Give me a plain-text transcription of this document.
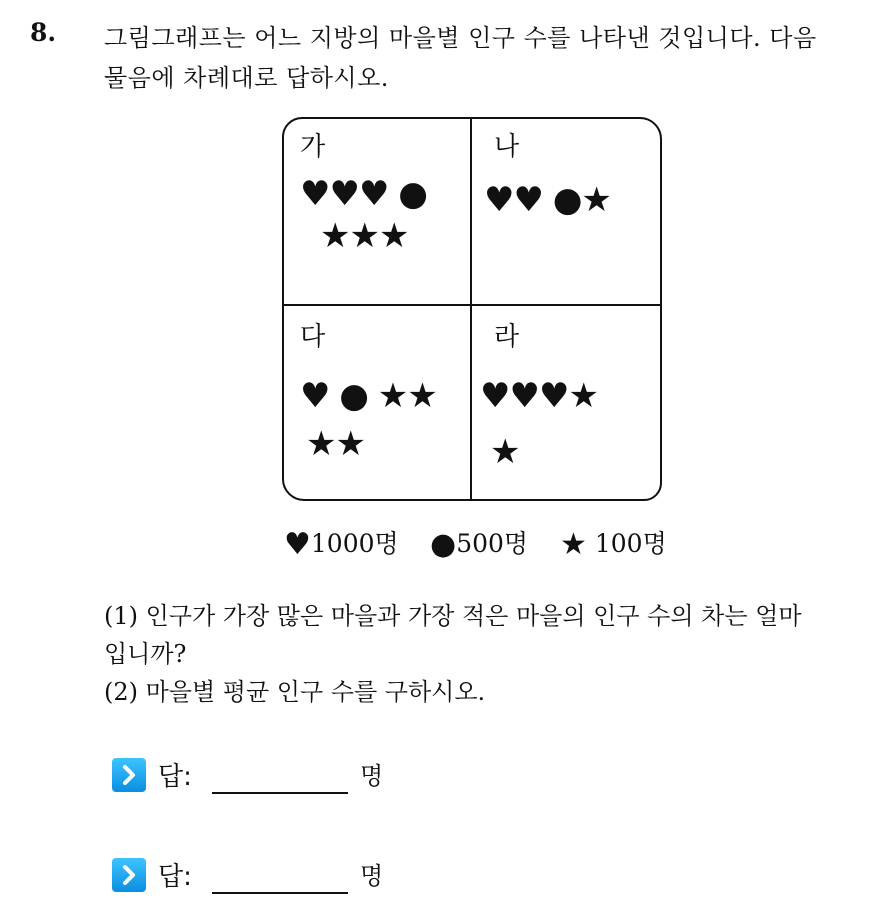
8. 그림그래프는 어느 지방의 마을별 인구 수를 나타낸 것입니다. 다음
물음에 차례대로 답하시오.
가
♥♥♥ ●
★★★
나
♥♥ ●★
다
♥ ● ★★
★★
라
♥♥♥★
★
♥1000명 ●500명 ★ 100명
(1) 인구가 가장 많은 마을과 가장 적은 마을의 인구 수의 차는 얼마
입니까?
(2) 마을별 평균 인구 수를 구하시오.
답:	명
답:	명
